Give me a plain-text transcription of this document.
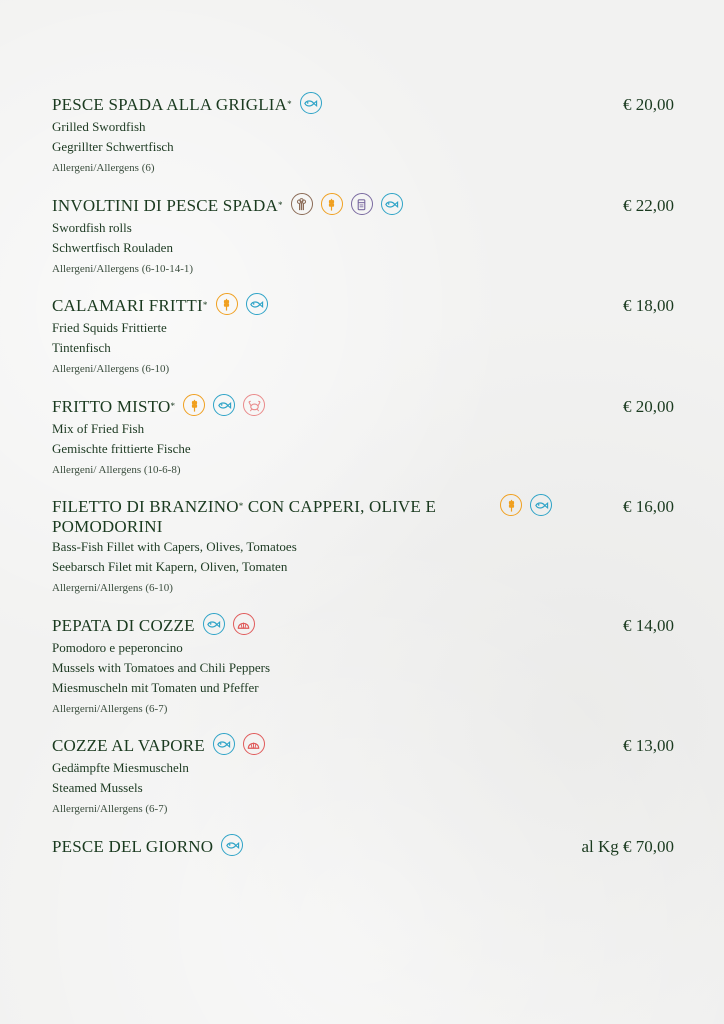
PESCE SPADA ALLA GRIGLIA*	€ 20,00
Grilled Swordfish
Gegrillter Schwertfisch
Allergeni/Allergens (6)
INVOLTINI DI PESCE SPADA*	€ 22,00
Swordfish rolls
Schwertfisch Rouladen
Allergeni/Allergens (6-10-14-1)
CALAMARI FRITTI*	€ 18,00
Fried Squids Frittierte
Tintenfisch
Allergeni/Allergens (6-10)
FRITTO MISTO*	€ 20,00
Mix of Fried Fish
Gemischte frittierte Fische
Allergeni/ Allergens (10-6-8)
FILETTO DI BRANZINO* CON CAPPERI, OLIVE E POMODORINI
€ 16,00
Bass-Fish Fillet with Capers, Olives, Tomatoes
Seebarsch Filet mit Kapern, Oliven, Tomaten
Allergerni/Allergens (6-10)
PEPATA DI COZZE	€ 14,00
Pomodoro e peperoncino
Mussels with Tomatoes and Chili Peppers
Miesmuscheln mit Tomaten und Pfeffer
Allergerni/Allergens (6-7)
COZZE AL VAPORE	€ 13,00
Gedämpfte Miesmuscheln
Steamed Mussels
Allergerni/Allergens (6-7)
PESCE DEL GIORNO	al Kg € 70,00
